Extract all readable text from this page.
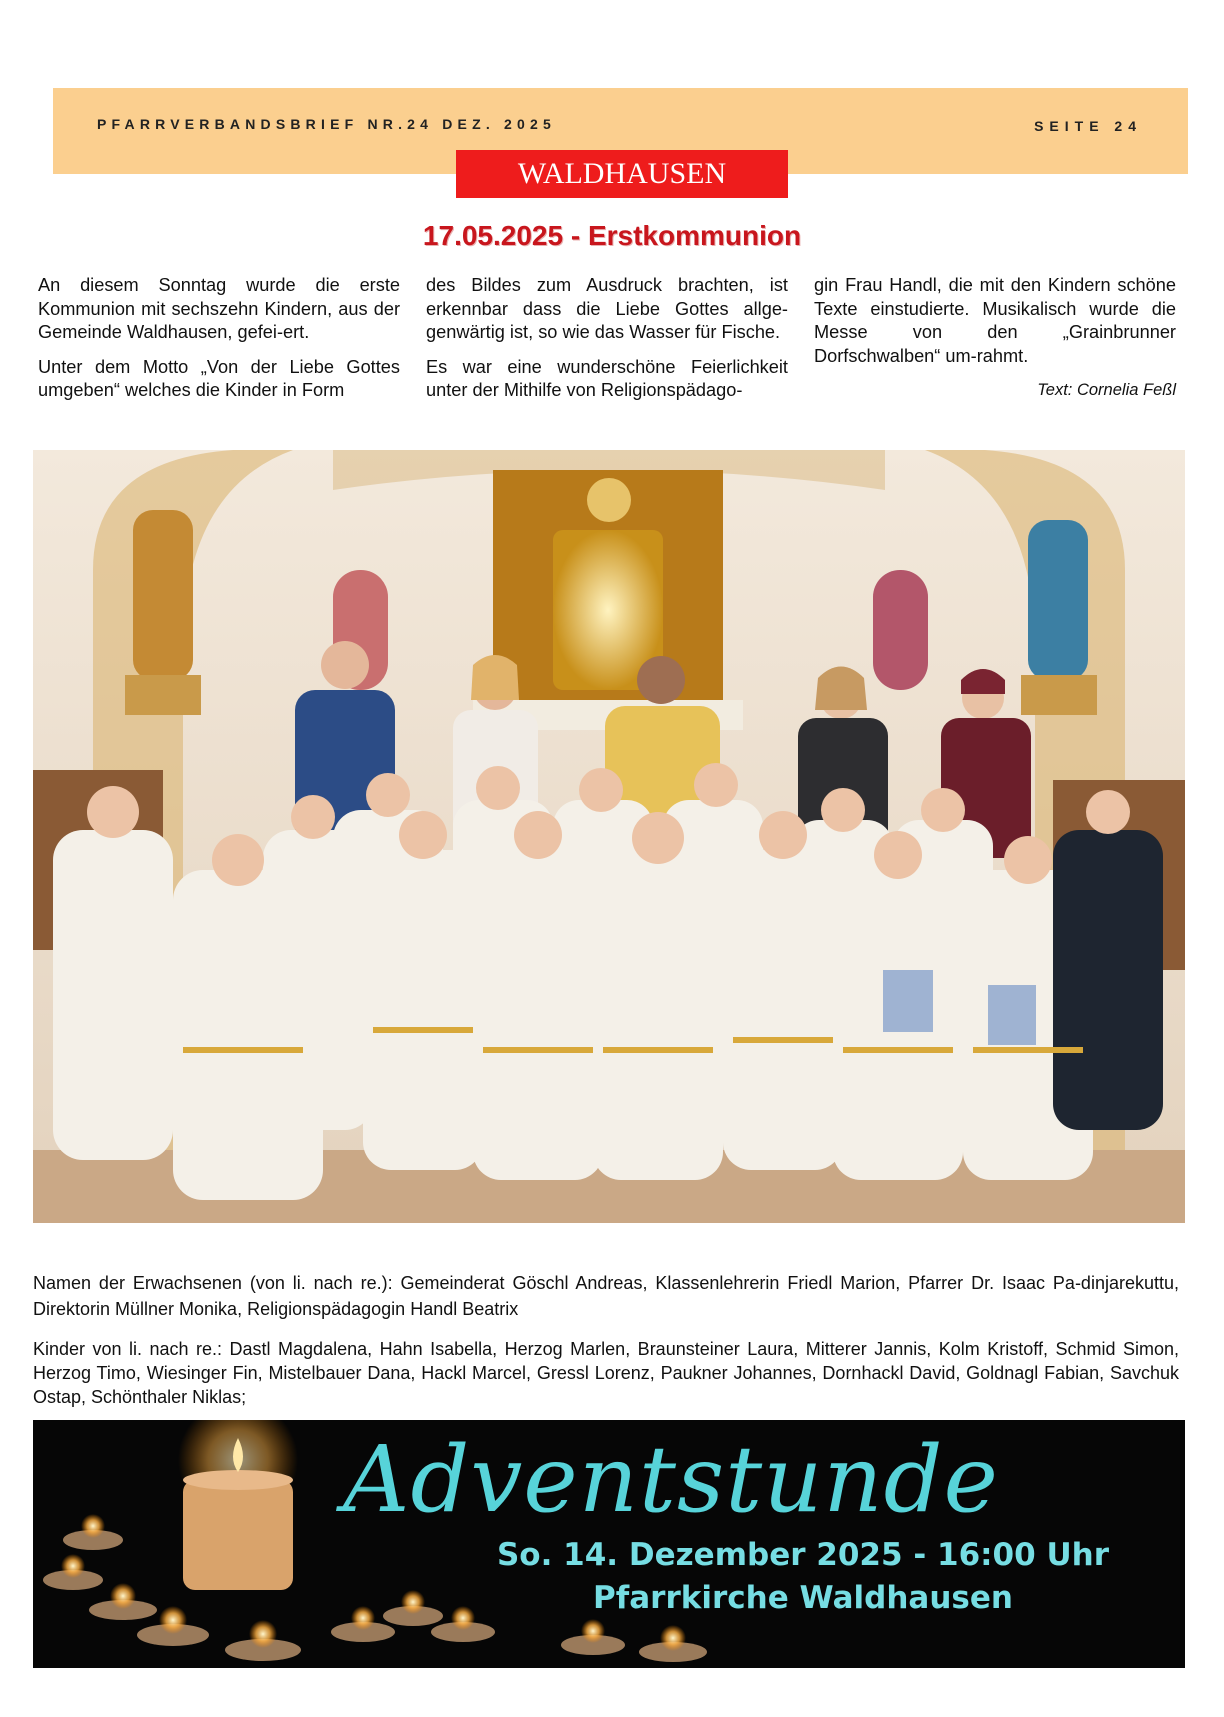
PFARRVERBANDSBRIEF NR.24 DEZ. 2025	SEITE 24
WALDHAUSEN
17.05.2025 - Erstkommunion

An diesem Sonntag wurde die erste Kommunion mit sechszehn Kindern, aus der Gemeinde Waldhausen, gefei-ert.

Unter dem Motto „Von der Liebe Gottes umgeben“ welches die Kinder in Form

des Bildes zum Ausdruck brachten, ist erkennbar dass die Liebe Gottes allge-genwärtig ist, so wie das Wasser für Fische.

Es war eine wunderschöne Feierlichkeit unter der Mithilfe von Religionspädago-

gin Frau Handl, die mit den Kindern schöne Texte einstudierte. Musikalisch wurde die Messe von den „Grainbrunner Dorfschwalben“ um-rahmt.

Text: Cornelia Feßl

Namen der Erwachsenen (von li. nach re.): Gemeinderat Göschl Andreas, Klassenlehrerin Friedl Marion, Pfarrer Dr. Isaac Pa-dinjarekuttu, Direktorin Müllner Monika, Religionspädagogin Handl Beatrix
Kinder von li. nach re.: Dastl Magdalena, Hahn Isabella, Herzog Marlen, Braunsteiner Laura, Mitterer Jannis, Kolm Kristoff, Schmid Simon, Herzog Timo, Wiesinger Fin, Mistelbauer Dana, Hackl Marcel, Gressl Lorenz, Paukner Johannes, Dornhackl David, Goldnagl Fabian, Savchuk Ostap, Schönthaler Niklas;
Adventstunde
So. 14. Dezember 2025 - 16:00 Uhr
Pfarrkirche Waldhausen
